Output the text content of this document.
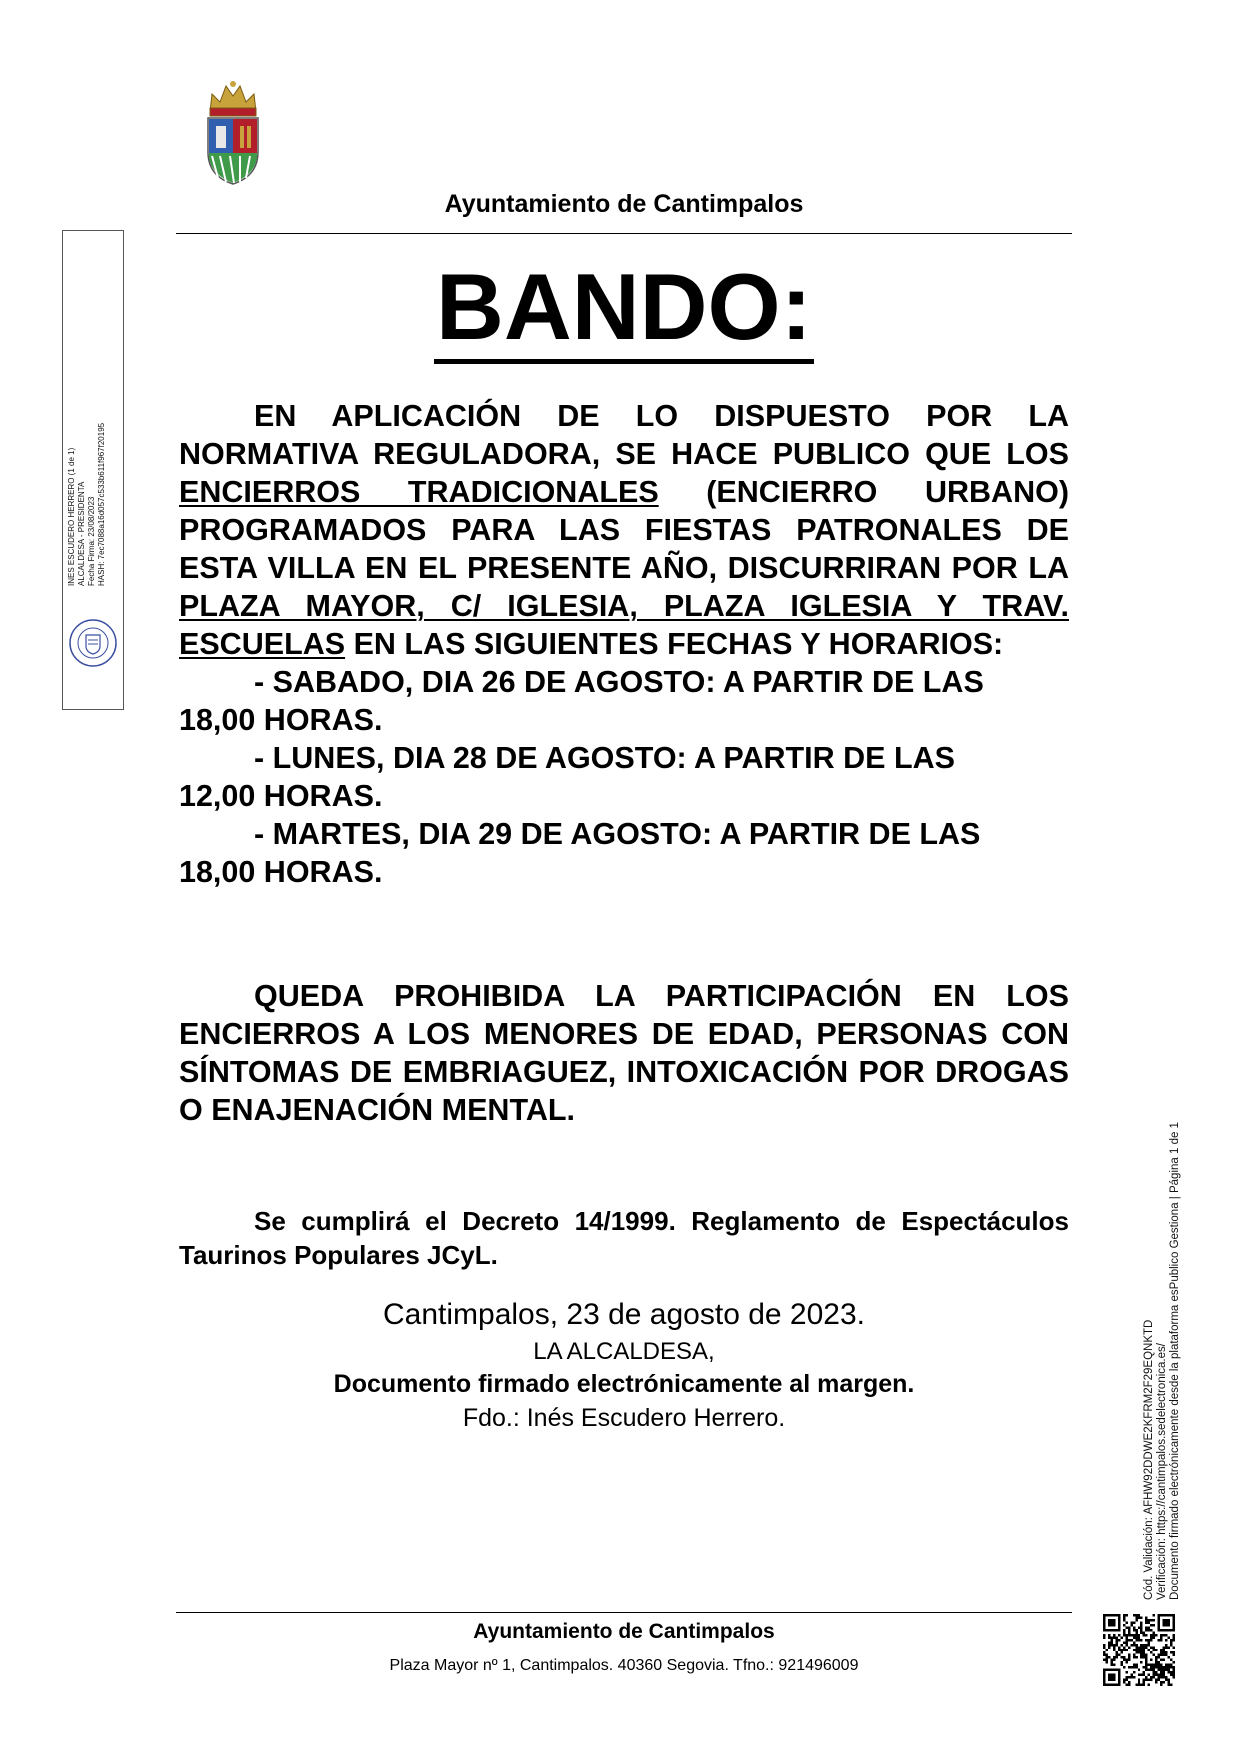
Ayuntamiento de Cantimpalos
BANDO:
EN APLICACIÓN DE LO DISPUESTO POR LA NORMATIVA REGULADORA, SE HACE PUBLICO QUE LOS ENCIERROS TRADICIONALES (ENCIERRO URBANO) PROGRAMADOS PARA LAS FIESTAS PATRONALES DE ESTA VILLA EN EL PRESENTE AÑO, DISCURRIRAN POR LA PLAZA MAYOR, C/ IGLESIA, PLAZA IGLESIA Y TRAV. ESCUELAS EN LAS SIGUIENTES FECHAS Y HORARIOS:
- SABADO, DIA 26 DE AGOSTO: A PARTIR DE LAS
18,00 HORAS.
- LUNES, DIA 28 DE AGOSTO: A PARTIR DE LAS
12,00 HORAS.
- MARTES, DIA 29 DE AGOSTO: A PARTIR DE LAS
18,00 HORAS.
QUEDA PROHIBIDA LA PARTICIPACIÓN EN LOS ENCIERROS A LOS MENORES DE EDAD, PERSONAS CON SÍNTOMAS DE EMBRIAGUEZ, INTOXICACIÓN POR DROGAS O ENAJENACIÓN MENTAL.
Se cumplirá el Decreto 14/1999. Reglamento de Espectáculos Taurinos Populares JCyL.
Cantimpalos, 23 de agosto de 2023.
LA ALCALDESA,
Documento firmado electrónicamente al margen.
Fdo.: Inés Escudero Herrero.
Ayuntamiento de Cantimpalos
Plaza Mayor nº 1, Cantimpalos. 40360 Segovia. Tfno.: 921496009
INES ESCUDERO HERRERO (1 de 1) ALCALDESA - PRESIDENTA Fecha Firma: 23/08/2023 HASH: 7ec7088a16d057c533b611f967f20195
Cód. Validación: AFHW92DDWE2KFRM2F29EQNKTD Verificación: https://cantimpalos.sedelectronica.es/ Documento firmado electrónicamente desde la plataforma esPublico Gestiona | Página 1 de 1
